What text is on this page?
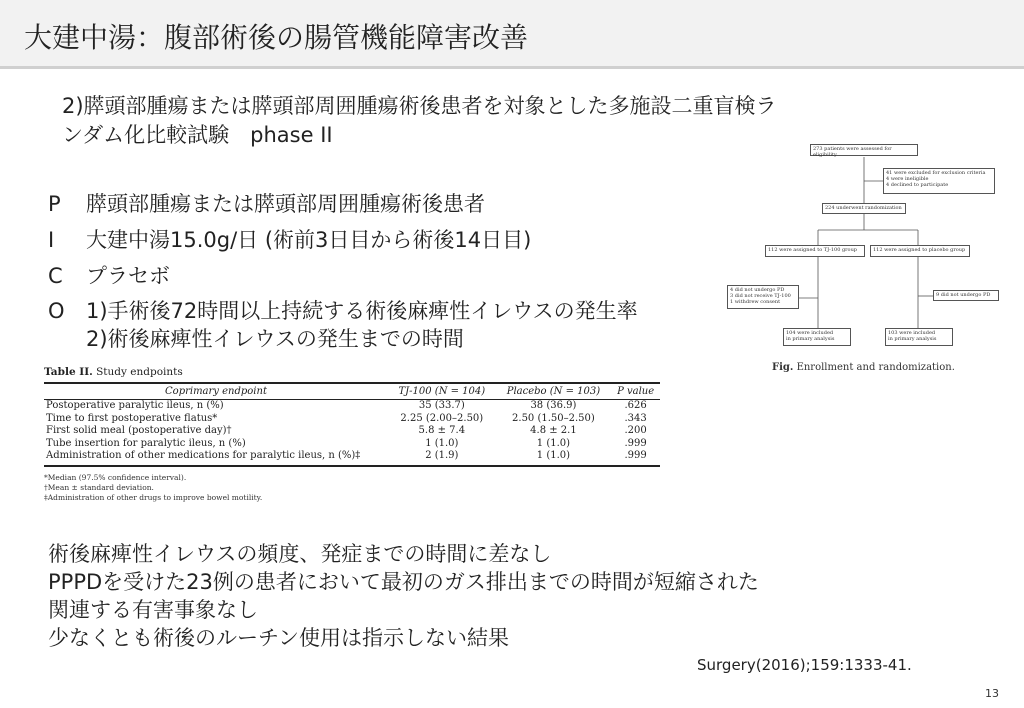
大建中湯：腹部術後の腸管機能障害改善
2)膵頭部腫瘍または膵頭部周囲腫瘍術後患者を対象とした多施設二重盲検ラ
ンダム化比較試験　phase II
P	膵頭部腫瘍または膵頭部周囲腫瘍術後患者
I	大建中湯15.0g/日 (術前3日目から術後14日目)
C	プラセボ
O	1)手術後72時間以上持続する術後麻痺性イレウスの発生率
2)術後麻痺性イレウスの発生までの時間
273 patients were assessed for eligibility
41 were excluded for exclusion criteria
4 were ineligible
4 declined to participate
224 underwent randomization
112 were assigned to TJ-100 group	112 were assigned to placebo group
4 did not undergo PD
3 did not receive TJ-100
1 withdrew consent
9 did not undergo PD
104 were included
in primary analysis
103 were included
in primary analysis
Fig. Enrollment and randomization.
Table II. Study endpoints
Coprimary endpoint	TJ-100 (N = 104)	Placebo (N = 103)	P value
Postoperative paralytic ileus, n (%)	35 (33.7)	38 (36.9)	.626
Time to first postoperative flatus*	2.25 (2.00–2.50)	2.50 (1.50–2.50)	.343
First solid meal (postoperative day)†	5.8 ± 7.4	4.8 ± 2.1	.200
Tube insertion for paralytic ileus, n (%)	1 (1.0)	1 (1.0)	.999
Administration of other medications for paralytic ileus, n (%)‡	2 (1.9)	1 (1.0)	.999
*Median (97.5% confidence interval).
†Mean ± standard deviation.
‡Administration of other drugs to improve bowel motility.
術後麻痺性イレウスの頻度、発症までの時間に差なし
PPPDを受けた23例の患者において最初のガス排出までの時間が短縮された
関連する有害事象なし
少なくとも術後のルーチン使用は指示しない結果
Surgery(2016);159:1333-41.
13
